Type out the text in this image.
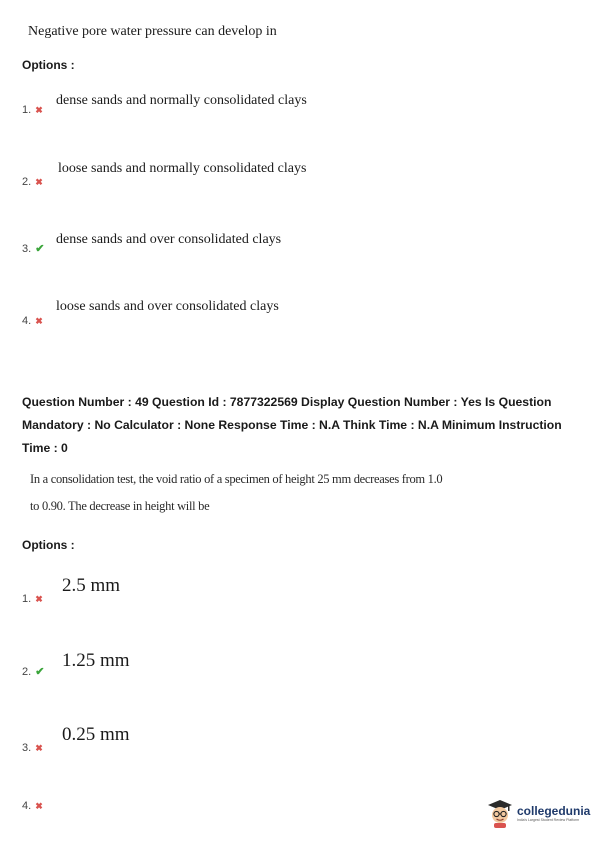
Negative pore water pressure can develop in
Options :
1. ✖
dense sands and normally consolidated clays
2. ✖
loose sands and normally consolidated clays
3. ✔
dense sands and over consolidated clays
4. ✖
loose sands and over consolidated clays
Question Number : 49 Question Id : 7877322569 Display Question Number : Yes Is Question Mandatory : No Calculator : None Response Time : N.A Think Time : N.A Minimum Instruction Time : 0
In a consolidation test, the void ratio of a specimen of height 25 mm decreases from 1.0
to 0.90. The decrease in height will be
Options :
1. ✖
2.5 mm
2. ✔
1.25 mm
3. ✖
0.25 mm
4. ✖	collegedunia
India's Largest Student Review Platform
